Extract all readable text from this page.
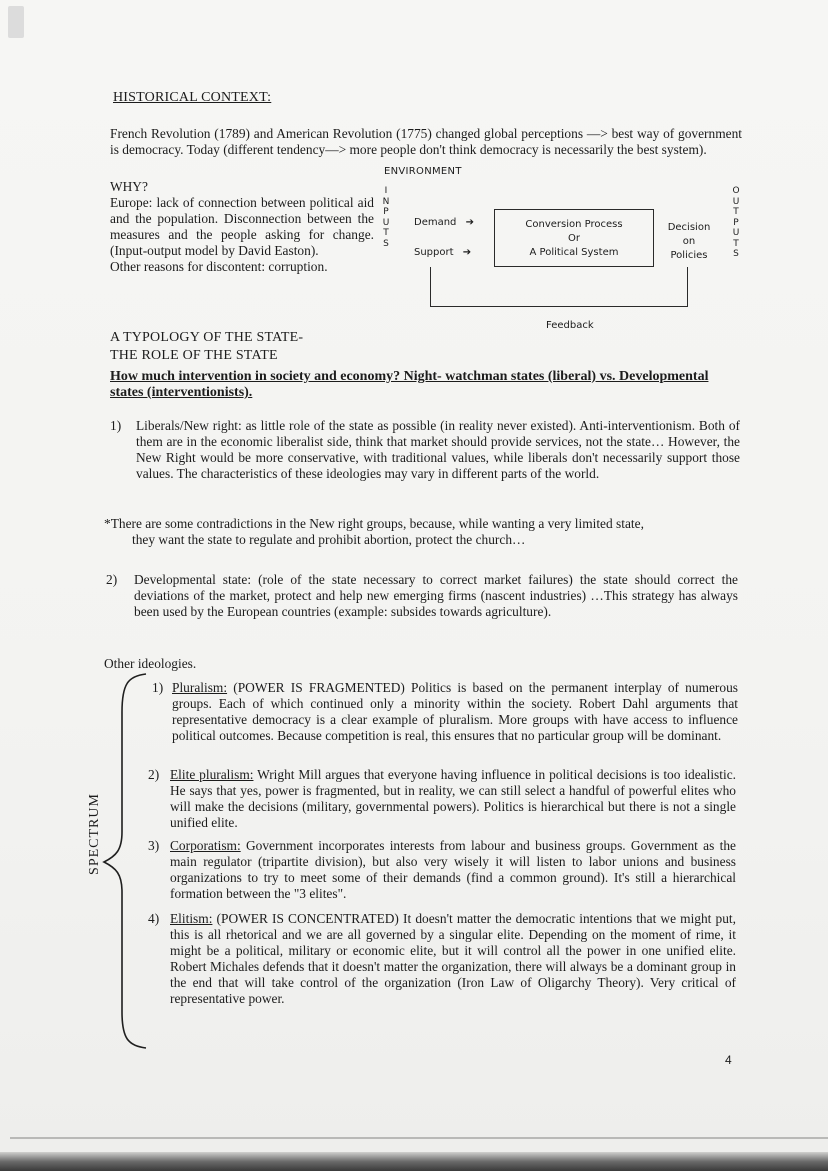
HISTORICAL CONTEXT:
French Revolution (1789) and American Revolution (1775) changed global perceptions —> best way of government is democracy. Today (different tendency—> more people don't think democracy is necessarily the best system).
ENVIRONMENT
I
N
P
U
T
S
O
U
T
P
U
T
S
Demand ➔
Support ➔
Conversion Process
Or
A Political System
Decision
on
Policies
Feedback

WHY?

Europe: lack of connection between political aid and the population. Disconnection between the measures and the people asking for change. (Input-output model by David Easton).

Other reasons for discontent: corruption.

A TYPOLOGY OF THE STATE-
THE ROLE OF THE STATE
How much intervention in society and economy? Night- watchman states (liberal) vs. Developmental states (interventionists).
1) Liberals/New right: as little role of the state as possible (in reality never existed). Anti-interventionism. Both of them are in the economic liberalist side, think that market should provide services, not the state… However, the New Right would be more conservative, with traditional values, while liberals don't necessarily support those values. The characteristics of these ideologies may vary in different parts of the world.
*There are some contradictions in the New right groups, because, while wanting a very limited state,
they want the state to regulate and prohibit abortion, protect the church…
2) Developmental state: (role of the state necessary to correct market failures) the state should correct the deviations of the market, protect and help new emerging firms (nascent industries) …This strategy has always been used by the European countries (example: subsides towards agriculture).
Other ideologies.
SPECTRUM
1) Pluralism: (POWER IS FRAGMENTED) Politics is based on the permanent interplay of numerous groups. Each of which continued only a minority within the society. Robert Dahl arguments that representative democracy is a clear example of pluralism. More groups with have access to influence political outcomes. Because competition is real, this ensures that no particular group will be dominant.
2) Elite pluralism: Wright Mill argues that everyone having influence in political decisions is too idealistic. He says that yes, power is fragmented, but in reality, we can still select a handful of powerful elites who will make the decisions (military, governmental powers). Politics is hierarchical but there is not a single unified elite.
3) Corporatism: Government incorporates interests from labour and business groups. Government as the main regulator (tripartite division), but also very wisely it will listen to labor unions and business organizations to try to meet some of their demands (find a common ground). It's still a hierarchical formation between the "3 elites".
4) Elitism: (POWER IS CONCENTRATED) It doesn't matter the democratic intentions that we might put, this is all rhetorical and we are all governed by a singular elite. Depending on the moment of rime, it might be a political, military or economic elite, but it will control all the power in one unified elite. Robert Michales defends that it doesn't matter the organization, there will always be a dominant group in the end that will take control of the organization (Iron Law of Oligarchy Theory). Very critical of representative power.
4
